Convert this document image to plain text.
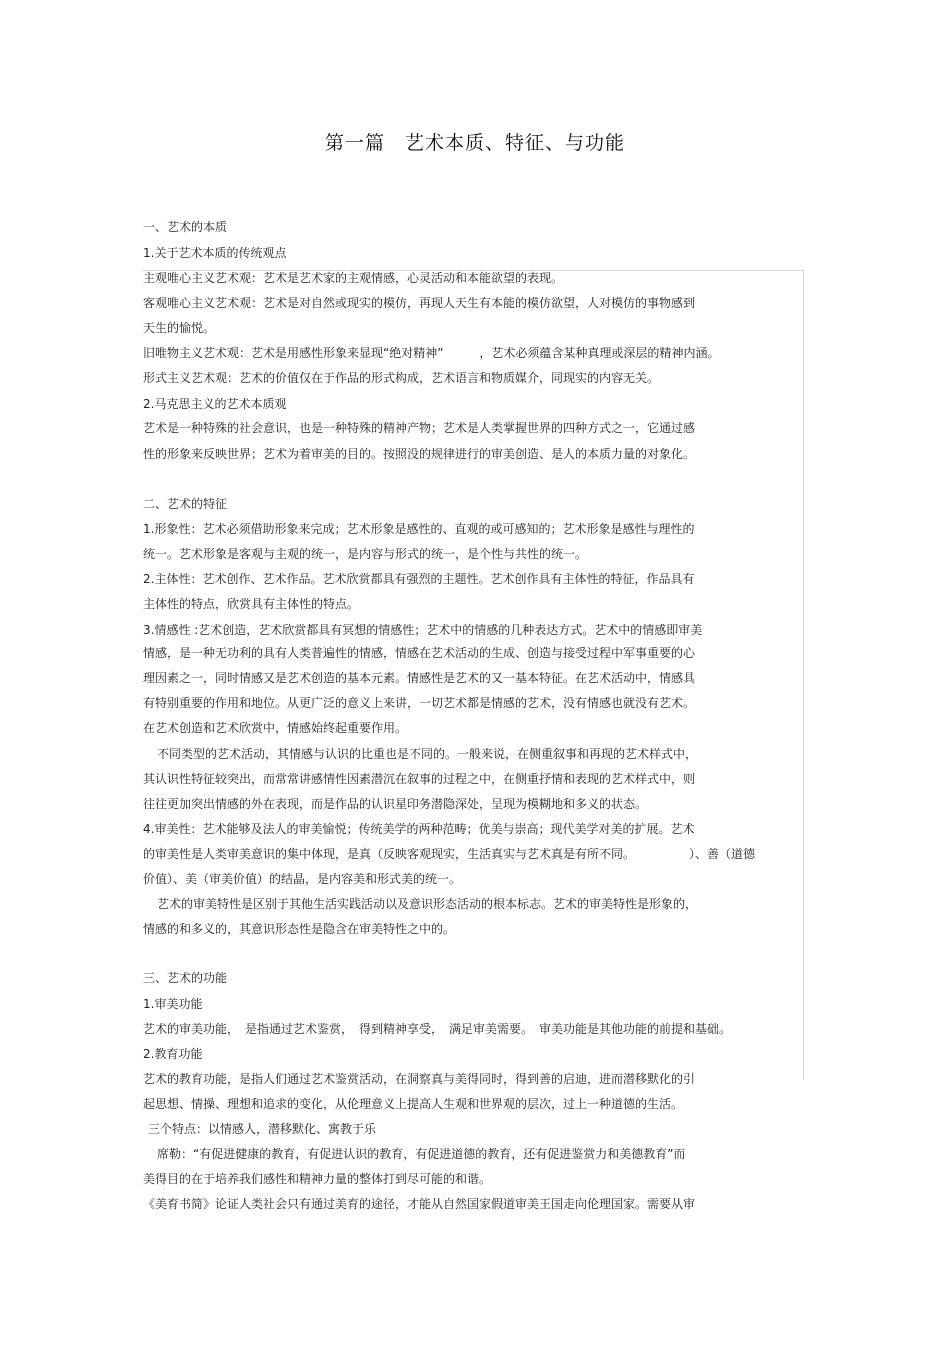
第一篇　艺术本质、特征、与功能
一、艺术的本质
1.关于艺术本质的传统观点
主观唯心主义艺术观：艺术是艺术家的主观情感，心灵活动和本能欲望的表现。
客观唯心主义艺术观：艺术是对自然或现实的模仿，再现人天生有本能的模仿欲望，人对模仿的事物感到
天生的愉悦。
旧唯物主义艺术观：艺术是用感性形象来显现“绝对精神”　　　，艺术必须蕴含某种真理或深层的精神内涵。
形式主义艺术观：艺术的价值仅在于作品的形式构成，艺术语言和物质媒介，同现实的内容无关。
2.马克思主义的艺术本质观
艺术是一种特殊的社会意识，也是一种特殊的精神产物；艺术是人类掌握世界的四种方式之一，它通过感
性的形象来反映世界；艺术为着审美的目的。按照没的规律进行的审美创造、是人的本质力量的对象化。
二、艺术的特征
1.形象性：艺术必须借助形象来完成；艺术形象是感性的、直观的或可感知的；艺术形象是感性与理性的
统一。艺术形象是客观与主观的统一，是内容与形式的统一，是个性与共性的统一。
2.主体性：艺术创作、艺术作品。艺术欣赏都具有强烈的主题性。艺术创作具有主体性的特征，作品具有
主体性的特点，欣赏具有主体性的特点。
3.情感性 :艺术创造，艺术欣赏都具有冥想的情感性；艺术中的情感的几种表达方式。艺术中的情感即审美
情感，是一种无功利的具有人类普遍性的情感，情感在艺术活动的生成、创造与接受过程中军事重要的心
理因素之一，同时情感又是艺术创造的基本元素。情感性是艺术的又一基本特征。在艺术活动中，情感具
有特别重要的作用和地位。从更广泛的意义上来讲，一切艺术都是情感的艺术，没有情感也就没有艺术。
在艺术创造和艺术欣赏中，情感始终起重要作用。
不同类型的艺术活动，其情感与认识的比重也是不同的。一般来说，在侧重叙事和再现的艺术样式中，
其认识性特征较突出，而常常讲感情性因素潜沉在叙事的过程之中，在侧重抒情和表现的艺术样式中，则
往往更加突出情感的外在表现，而是作品的认识星印务潜隐深处，呈现为模糊地和多义的状态。
4.审美性：艺术能够及法人的审美愉悦；传统美学的两种范畴；优美与崇高；现代美学对美的扩展。艺术
的审美性是人类审美意识的集中体现，是真（反映客观现实，生活真实与艺术真是有所不同。　　　　　）、善（道德
价值）、美（审美价值）的结晶，是内容美和形式美的统一。
艺术的审美特性是区别于其他生活实践活动以及意识形态活动的根本标志。艺术的审美特性是形象的，
情感的和多义的，其意识形态性是隐含在审美特性之中的。
三、艺术的功能
1.审美功能
艺术的审美功能，　是指通过艺术鉴赏，　得到精神享受，　满足审美需要。　审美功能是其他功能的前提和基础。
2.教育功能
艺术的教育功能，是指人们通过艺术鉴赏活动，在洞察真与美得同时，得到善的启迪，进而潜移默化的引
起思想、情操、理想和追求的变化，从伦理意义上提高人生观和世界观的层次，过上一种道德的生活。
三个特点：以情感人，潜移默化、寓教于乐
席勒：“有促进健康的教育，有促进认识的教育，有促进道德的教育，还有促进鉴赏力和美德教育”而
美得目的在于培养我们感性和精神力量的整体打到尽可能的和谐。
《美育书简》论证人类社会只有通过美育的途径，才能从自然国家假道审美王国走向伦理国家。需要从审
